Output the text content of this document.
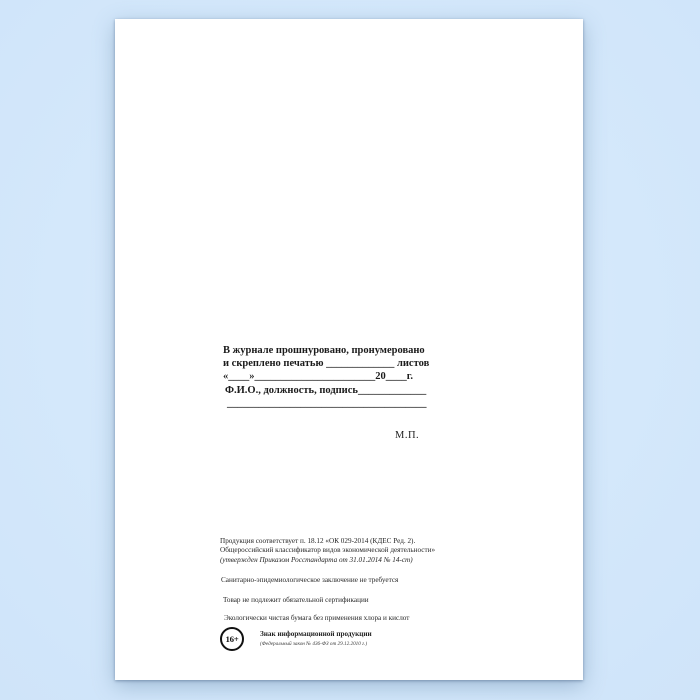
В журнале прошнуровано, пронумеровано
и скреплено печатью _____________ листов
«____»_______________________20____г.
Ф.И.О., должность, подпись_____________
______________________________________
М.П.
Продукция соответствует п. 18.12 «ОК 029-2014 (КДЕС Ред. 2).
Общероссийский классификатор видов экономической деятельности»
(утвержден Приказом Росстандарта от 31.01.2014 № 14-ст)
Санитарно-эпидемиологическое заключение не требуется
Товар не подлежит обязательной сертификации
Экологически чистая бумага без применения хлора и кислот
16+	Знак информационной продукции
(Федеральный закон № 436-ФЗ от 29.12.2010 г.)
